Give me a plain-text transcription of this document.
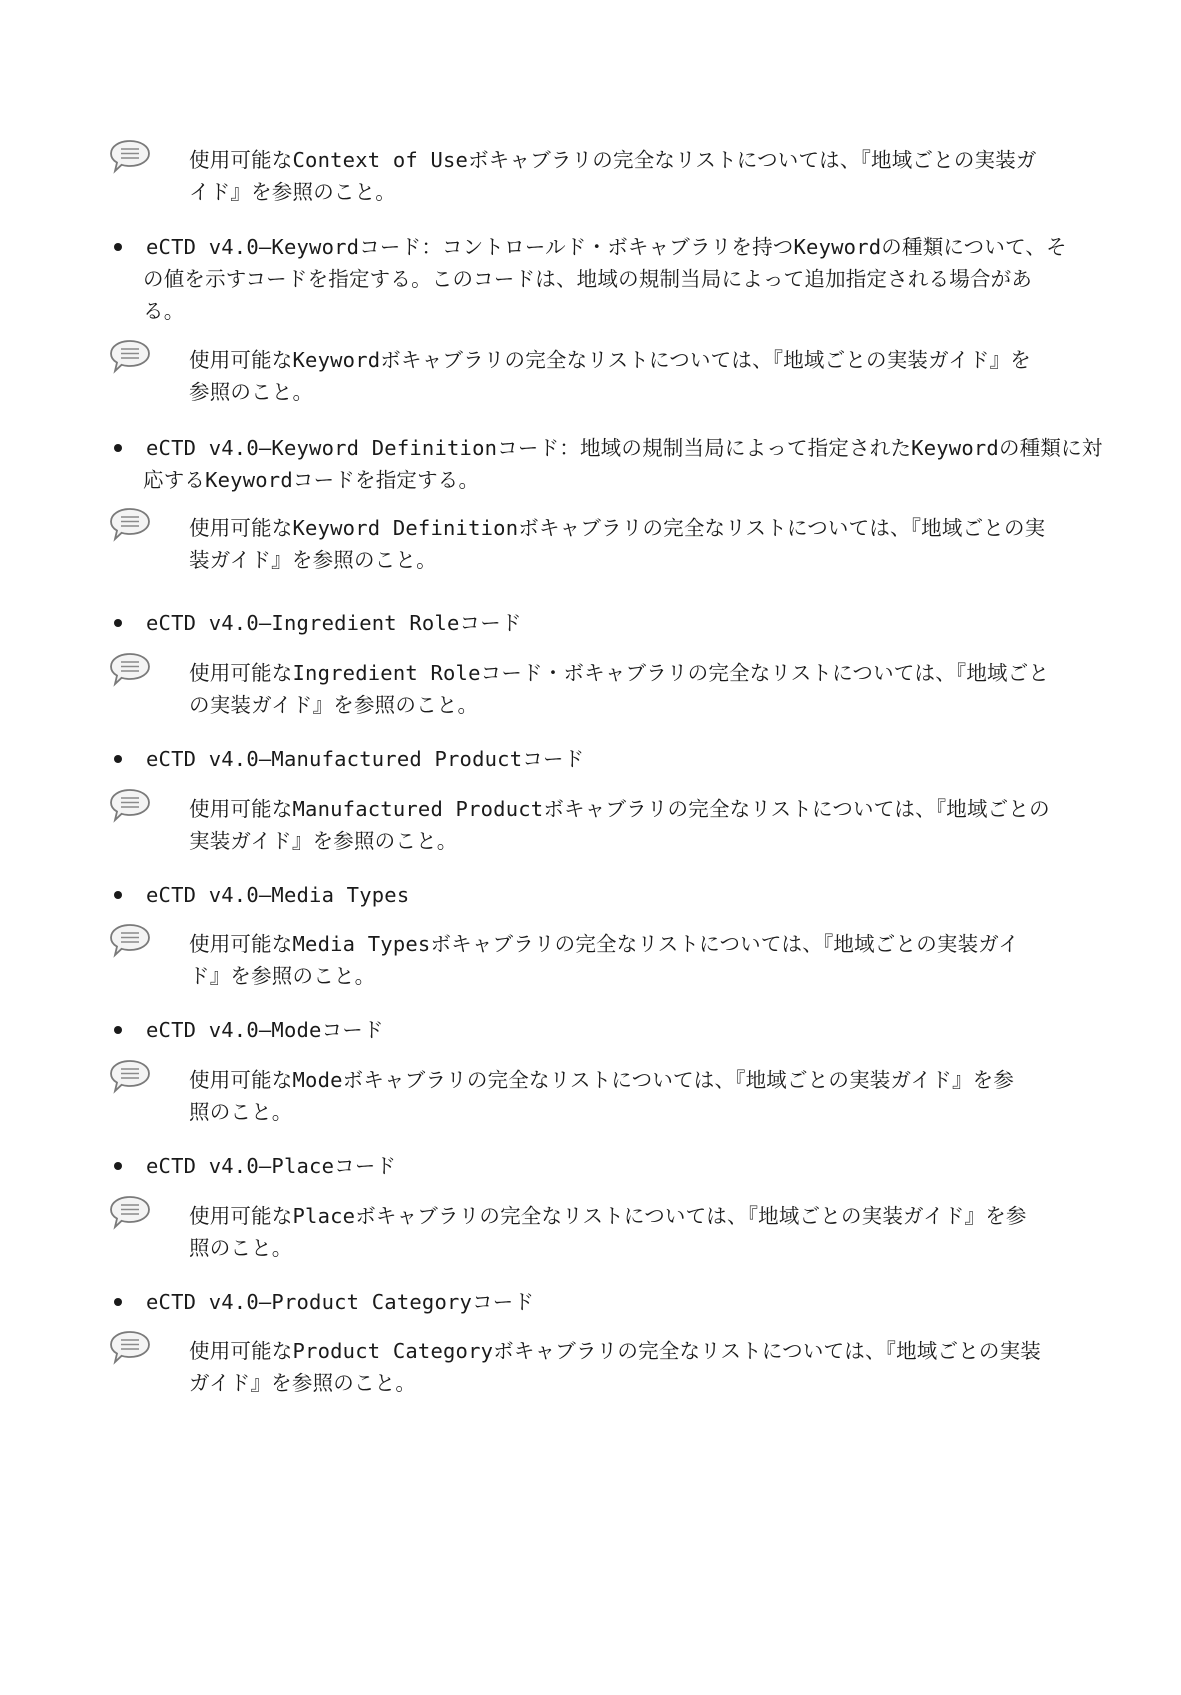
使用可能なContext of Useボキャブラリの完全なリストについては、『地域ごとの実装ガ
イド』を参照のこと。
eCTD v4.0―Keywordコード：コントロールド・ボキャブラリを持つKeywordの種類について、そ
の値を示すコードを指定する。このコードは、地域の規制当局によって追加指定される場合があ
る。
使用可能なKeywordボキャブラリの完全なリストについては、『地域ごとの実装ガイド』を
参照のこと。
eCTD v4.0―Keyword Definitionコード：地域の規制当局によって指定されたKeywordの種類に対
応するKeywordコードを指定する。
使用可能なKeyword Definitionボキャブラリの完全なリストについては、『地域ごとの実
装ガイド』を参照のこと。
eCTD v4.0―Ingredient Roleコード
使用可能なIngredient Roleコード・ボキャブラリの完全なリストについては、『地域ごと
の実装ガイド』を参照のこと。
eCTD v4.0―Manufactured Productコード
使用可能なManufactured Productボキャブラリの完全なリストについては、『地域ごとの
実装ガイド』を参照のこと。
eCTD v4.0―Media Types
使用可能なMedia Typesボキャブラリの完全なリストについては、『地域ごとの実装ガイ
ド』を参照のこと。
eCTD v4.0―Modeコード
使用可能なModeボキャブラリの完全なリストについては、『地域ごとの実装ガイド』を参
照のこと。
eCTD v4.0―Placeコード
使用可能なPlaceボキャブラリの完全なリストについては、『地域ごとの実装ガイド』を参
照のこと。
eCTD v4.0―Product Categoryコード
使用可能なProduct Categoryボキャブラリの完全なリストについては、『地域ごとの実装
ガイド』を参照のこと。
